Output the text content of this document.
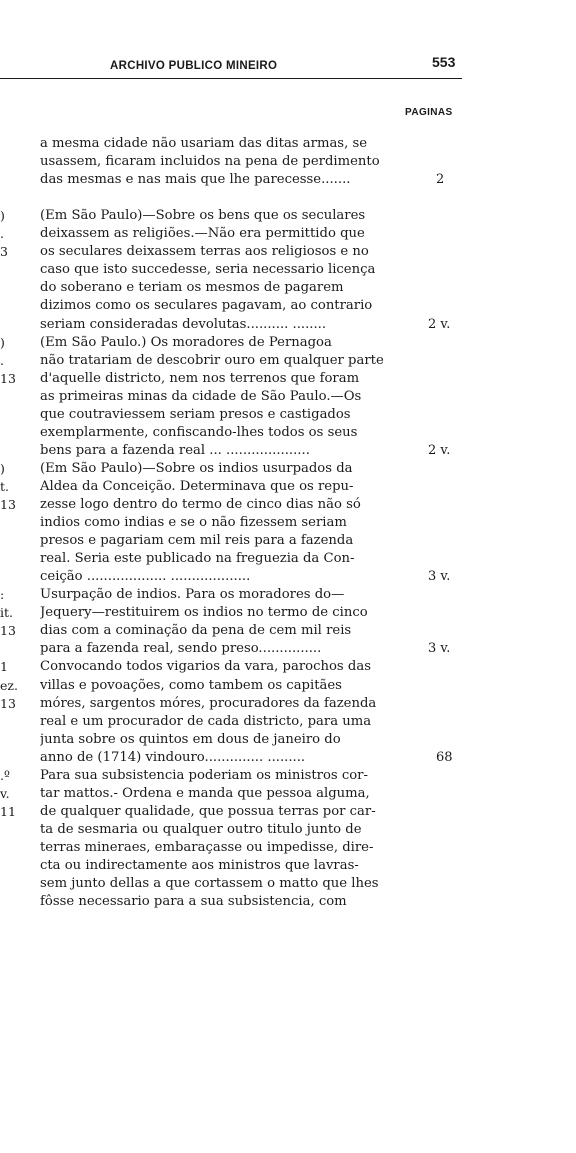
ARCHIVO PUBLICO MINEIRO	553
PAGINAS
a mesma cidade não usariam das ditas armas, se
usassem, ficaram incluidos na pena de perdimento
das mesmas e nas mais que lhe parecesse.......	2
(Em São Paulo)—Sobre os bens que os seculares
deixassem as religiões.—Não era permittido que
os seculares deixassem terras aos religiosos e no
caso que isto succedesse, seria necessario licença
do soberano e teriam os mesmos de pagarem
dizimos como os seculares pagavam, ao contrario
seriam consideradas devolutas.......... ........
)
.
3
2 v.
(Em São Paulo.) Os moradores de Pernagoa
não tratariam de descobrir ouro em qualquer parte
d'aquelle districto, nem nos terrenos que foram
as primeiras minas da cidade de São Paulo.—Os
que coutraviessem seriam presos e castigados
exemplarmente, confiscando-lhes todos os seus
bens para a fazenda real ... ....................
)
.
13
2 v.
(Em São Paulo)—Sobre os indios usurpados da
Aldea da Conceição. Determinava que os repu-
zesse logo dentro do termo de cinco dias não só
indios como indias e se o não fizessem seriam
presos e pagariam cem mil reis para a fazenda
real. Seria este publicado na freguezia da Con-
ceição ................... ...................
)
t.
13
3 v.
Usurpação de indios. Para os moradores do—
Jequery—restituirem os indios no termo de cinco
dias com a cominação da pena de cem mil reis
para a fazenda real, sendo preso...............
:
it.
13
3 v.
Convocando todos vigarios da vara, parochos das
villas e povoações, como tambem os capitães
móres, sargentos móres, procuradores da fazenda
real e um procurador de cada districto, para uma
junta sobre os quintos em dous de janeiro do
anno de (1714) vindouro.............. .........
1
ez.
13
68
Para sua subsistencia poderiam os ministros cor-
tar mattos.- Ordena e manda que pessoa alguma,
de qualquer qualidade, que possua terras por car-
ta de sesmaria ou qualquer outro titulo junto de
terras mineraes, embaraçasse ou impedisse, dire-
cta ou indirectamente aos ministros que lavras-
sem junto dellas a que cortassem o matto que lhes
fôsse necessario para a sua subsistencia, com
.º
v.
11
